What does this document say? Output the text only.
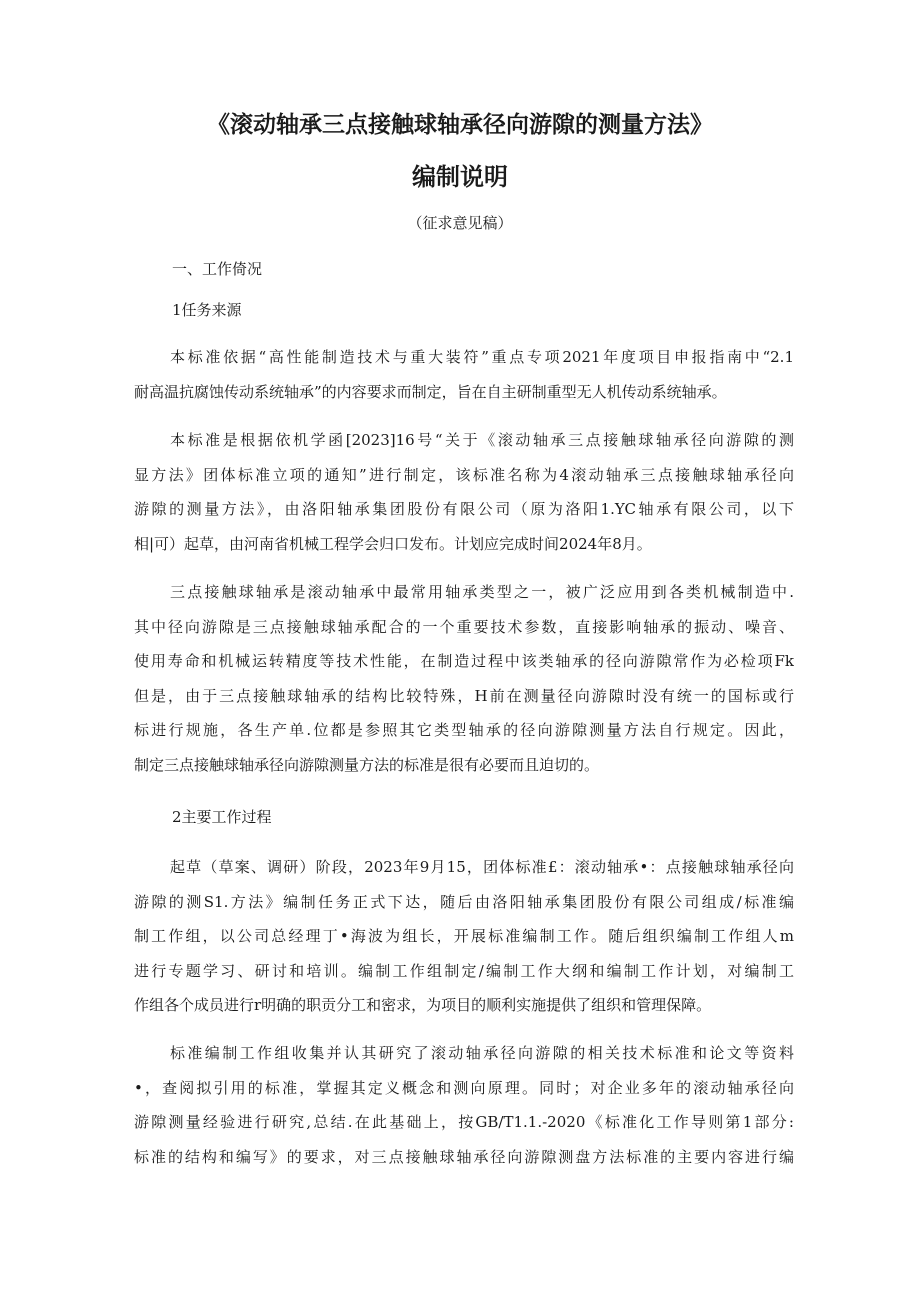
《滚动轴承三点接触球轴承径向游隙的测量方法》
编制说明
（征求意见稿）
一、工作倚况
1任务来源
本标准依据“高性能制造技术与重大装符”重点专项2021年度项目申报指南中“2.1
耐高温抗腐蚀传动系统轴承”的内容要求而制定，旨在自主研制重型无人机传动系统轴承。
本标准是根据依机学函[2023]16号“关于《滚动轴承三点接触球轴承径向游隙的测
显方法》团体标准立项的通知”进行制定，该标准名称为4滚动轴承三点接触球轴承径向
游隙的测量方法》，由洛阳轴承集团股份有限公司（原为洛阳1.YC轴承有限公司，以下
相|可）起草，由河南省机械工程学会归口发布。计划应完成时间2024年8月。
三点接触球轴承是滚动轴承中最常用轴承类型之一，被广泛应用到各类机械制造中.
其中径向游隙是三点接触球轴承配合的一个重要技术参数，直接影响轴承的振动、噪音、
使用寿命和机械运转精度等技术性能，在制造过程中该类轴承的径向游隙常作为必检项Fk
但是，由于三点接触球轴承的结构比较特殊，H前在测量径向游隙时没有统一的国标或行
标进行规施，各生产单.位都是参照其它类型轴承的径向游隙测量方法自行规定。因此，
制定三点接触球轴承径向游隙测量方法的标准是很有必要而且迫切的。
2主要工作过程
起草（草案、调研）阶段，2023年9月15，团体标准£：滚动轴承•：点接触球轴承径向
游隙的测S1.方法》编制任务正式下达，随后由洛阳轴承集团股份有限公司组成/标准编
制工作组，以公司总经理丁•海波为组长，开展标准编制工作。随后组织编制工作组人m
进行专题学习、研讨和培训。编制工作组制定/编制工作大纲和编制工作计划，对编制工
作组各个成员进行r明确的职贡分工和密求，为项目的顺利实施提供了组织和管理保障。
标准编制工作组收集并认其研究了滚动轴承径向游隙的相关技术标准和论文等资料
•，查阅拟引用的标准，掌握其定义概念和测向原理。同时；对企业多年的滚动轴承径向
游隙测量经验进行研究,总结.在此基础上，按GB/T1.1.-2020《标准化工作导则第1部分:
标准的结构和编写》的要求，对三点接触球轴承径向游隙测盘方法标准的主要内容进行编
